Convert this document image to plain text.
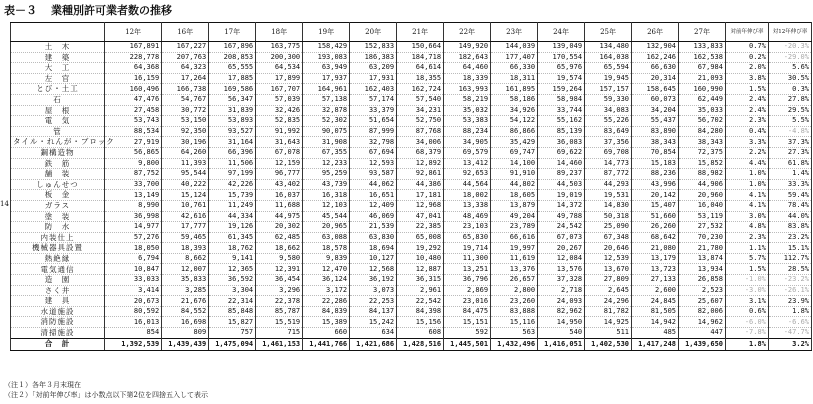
表－３ 業種別許可業者数の推移
14
	12年	16年	17年	18年	19年	20年	21年	22年	23年	24年	25年	26年	27年	対前年伸び率	対12年伸び率
土　木	167,891	167,227	167,896	163,775	158,429	152,833	150,664	149,920	144,039	139,049	134,480	132,904	133,833	0.7%	-20.3%
建　築	228,778	207,763	208,853	200,300	193,083	186,383	184,718	182,643	177,407	170,554	164,038	162,246	162,538	0.2%	-29.0%
大　工	64,368	64,323	65,555	64,534	63,949	63,209	64,614	64,460	66,330	65,976	65,594	66,630	67,984	2.0%	5.6%
左　官	16,159	17,264	17,885	17,899	17,937	17,931	18,355	18,339	18,311	19,574	19,945	20,314	21,093	3.8%	30.5%
とび・土工	160,496	166,738	169,586	167,707	164,961	162,403	162,724	163,993	161,895	159,264	157,157	158,645	160,990	1.5%	0.3%
石	47,476	54,767	56,347	57,039	57,138	57,174	57,540	58,219	58,186	58,984	59,330	60,073	62,449	2.4%	27.8%
屋　根	27,458	30,772	31,839	32,426	32,878	33,379	34,231	35,032	34,926	33,744	34,083	34,204	35,033	2.4%	29.5%
電　気	53,743	53,150	53,893	52,835	52,302	51,654	52,750	53,383	54,122	55,162	55,226	55,437	56,702	2.3%	5.5%
管	88,534	92,350	93,527	91,992	90,075	87,999	87,768	88,234	86,866	85,139	83,649	83,890	84,280	0.4%	-4.8%
タイル・れんが・ブロック	27,919	30,196	31,164	31,643	31,908	32,798	34,006	34,905	35,429	36,083	37,356	38,343	38,343	3.3%	37.3%
鋼構造物	56,865	64,260	66,396	67,078	67,355	67,694	68,379	69,579	69,747	69,622	69,708	70,854	72,375	2.2%	27.3%
鉄　筋	9,800	11,393	11,506	12,159	12,233	12,593	12,892	13,412	14,100	14,460	14,773	15,183	15,852	4.4%	61.8%
舗　装	87,752	95,544	97,199	96,777	95,259	93,587	92,861	92,653	91,910	89,237	87,772	88,236	88,982	1.0%	1.4%
しゅんせつ	33,700	40,222	42,226	43,402	43,739	44,062	44,386	44,564	44,802	44,503	44,293	43,996	44,906	1.0%	33.3%
板　金	13,149	15,124	15,739	16,037	16,318	16,651	17,181	18,002	18,605	19,019	19,531	20,142	20,960	4.1%	59.4%
ガラス	8,990	10,761	11,249	11,688	12,103	12,409	12,968	13,338	13,879	14,372	14,830	15,407	16,040	4.1%	78.4%
塗　装	36,998	42,616	44,334	44,975	45,544	46,069	47,041	48,469	49,204	49,788	50,318	51,660	53,119	3.0%	44.0%
防　水	14,977	17,777	19,126	20,302	20,965	21,539	22,385	23,103	23,789	24,542	25,090	26,260	27,532	4.8%	83.8%
内装仕上	57,276	59,465	61,345	62,485	63,088	63,830	65,008	65,830	66,616	67,073	67,348	68,642	70,230	2.3%	23.2%
機械器具設置	18,050	18,393	18,762	18,662	18,578	18,694	19,292	19,714	19,997	20,267	20,646	21,080	21,780	1.1%	15.1%
熱絶縁	6,794	8,662	9,141	9,580	9,839	10,127	10,480	11,300	11,619	12,084	12,539	13,179	13,874	5.7%	112.7%
電気通信	10,847	12,007	12,365	12,391	12,470	12,568	12,887	13,251	13,376	13,576	13,670	13,723	13,934	1.5%	28.5%
造　園	33,033	35,833	36,592	36,454	36,124	36,192	36,315	36,796	26,657	37,328	27,809	27,133	26,858	-1.0%	-23.2%
さく井	3,414	3,285	3,304	3,296	3,172	3,073	2,961	2,869	2,800	2,718	2,645	2,600	2,523	-3.0%	-26.1%
建　具	20,673	21,676	22,314	22,378	22,286	22,253	22,542	23,016	23,260	24,093	24,296	24,845	25,607	3.1%	23.9%
水道施設	80,592	84,552	85,848	85,787	84,839	84,137	84,398	84,475	83,888	82,962	81,782	81,505	82,006	0.6%	1.8%
消防施設	16,013	16,698	15,827	15,519	15,389	15,242	15,156	15,151	15,116	14,950	14,925	14,942	14,962	-6.0%	-6.6%
清掃施設	854	809	757	715	660	634	608	592	563	540	511	485	447	-7.8%	-47.7%
合　計	1,392,539	1,439,439	1,475,094	1,461,153	1,441,766	1,421,686	1,428,516	1,445,501	1,432,496	1,416,051	1,402,530	1,417,248	1,439,650	1.8%	3.2%
（注１）各年３月末現在
（注２）「対前年伸び率」は小数点以下第2位を四捨五入して表示
